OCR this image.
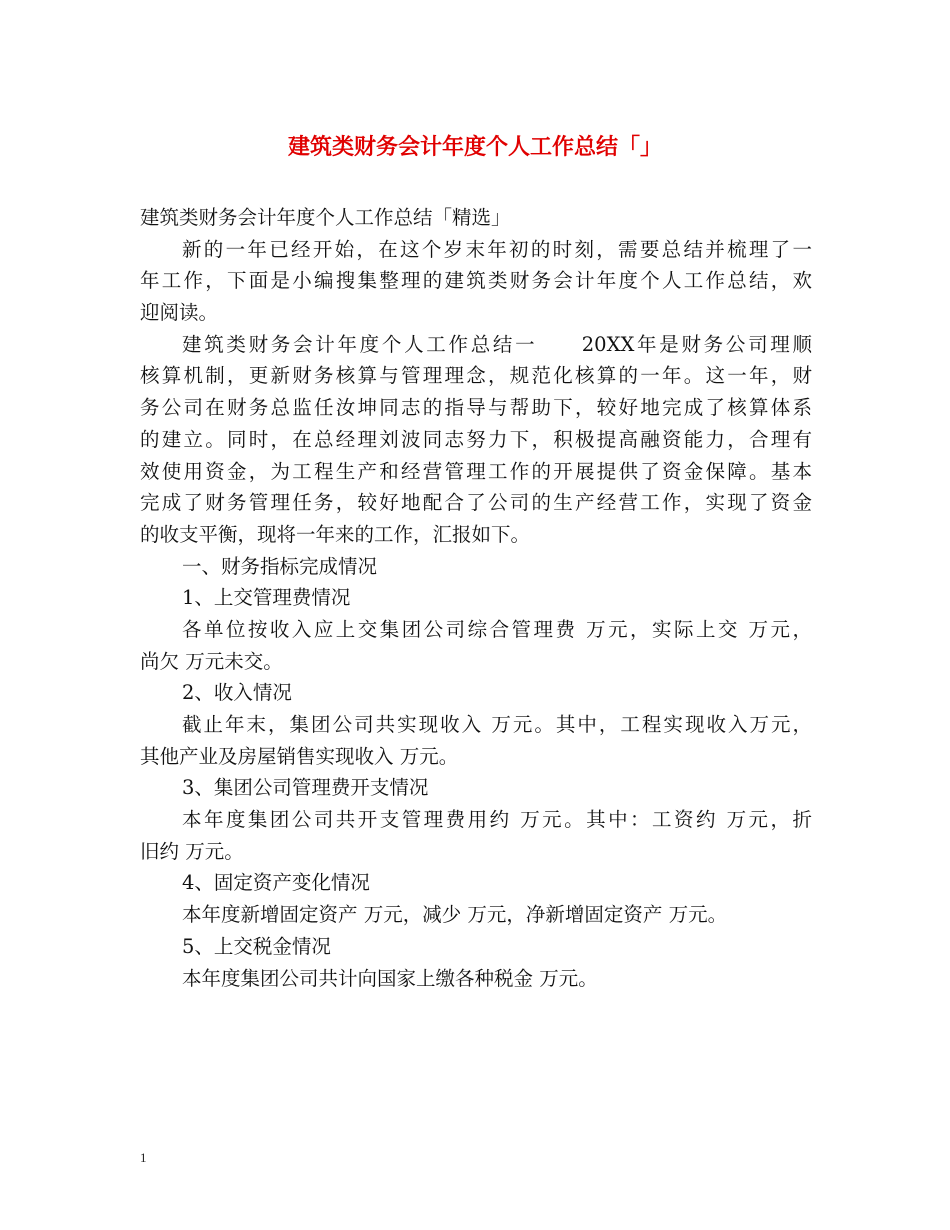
建筑类财务会计年度个人工作总结「」
建筑类财务会计年度个人工作总结「精选」
新的一年已经开始，在这个岁末年初的时刻，需要总结并梳理了一
年工作，下面是小编搜集整理的建筑类财务会计年度个人工作总结，欢
迎阅读。
建筑类财务会计年度个人工作总结一　　20XX年是财务公司理顺
核算机制，更新财务核算与管理理念，规范化核算的一年。这一年，财
务公司在财务总监任汝坤同志的指导与帮助下，较好地完成了核算体系
的建立。同时，在总经理刘波同志努力下，积极提高融资能力，合理有
效使用资金，为工程生产和经营管理工作的开展提供了资金保障。基本
完成了财务管理任务，较好地配合了公司的生产经营工作，实现了资金
的收支平衡，现将一年来的工作，汇报如下。
一、财务指标完成情况
1、上交管理费情况
各单位按收入应上交集团公司综合管理费 万元，实际上交 万元，
尚欠 万元未交。
2、收入情况
截止年末，集团公司共实现收入 万元。其中，工程实现收入万元，
其他产业及房屋销售实现收入 万元。
3、集团公司管理费开支情况
本年度集团公司共开支管理费用约 万元。其中：工资约 万元，折
旧约 万元。
4、固定资产变化情况
本年度新增固定资产 万元，减少 万元，净新增固定资产 万元。
5、上交税金情况
本年度集团公司共计向国家上缴各种税金 万元。
1
